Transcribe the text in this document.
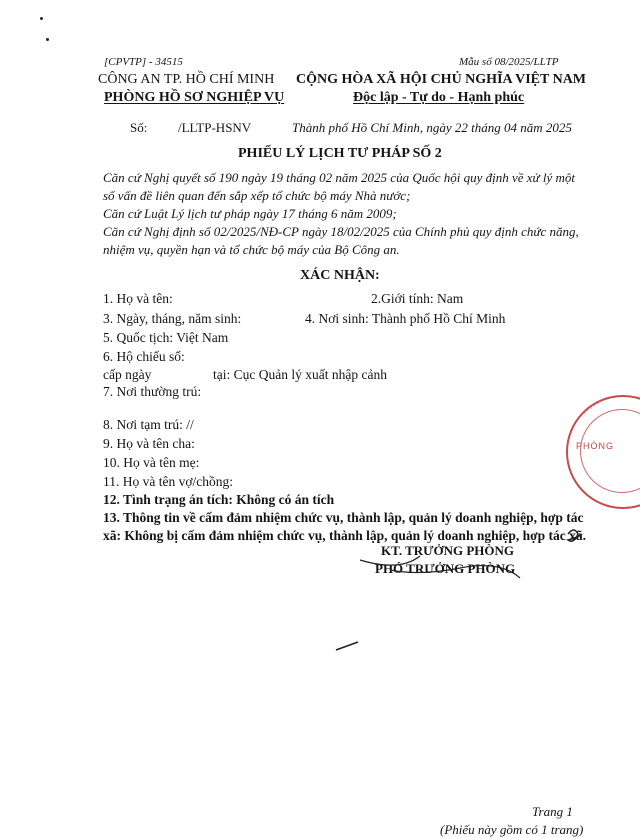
[CPVTP] - 34515
CÔNG AN TP. HỒ CHÍ MINH
PHÒNG HỒ SƠ NGHIỆP VỤ
Mẫu số 08/2025/LLTP
CỘNG HÒA XÃ HỘI CHỦ NGHĨA VIỆT NAM
Độc lập - Tự do - Hạnh phúc
Số: /LLTP-HSNV	Thành phố Hồ Chí Minh, ngày 22 tháng 04 năm 2025
PHIẾU LÝ LỊCH TƯ PHÁP SỐ 2
Căn cứ Nghị quyết số 190 ngày 19 tháng 02 năm 2025 của Quốc hội quy định về xử lý một
số vấn đề liên quan đến sắp xếp tổ chức bộ máy Nhà nước;
Căn cứ Luật Lý lịch tư pháp ngày 17 tháng 6 năm 2009;
Căn cứ Nghị định số 02/2025/NĐ-CP ngày 18/02/2025 của Chính phủ quy định chức năng,
nhiệm vụ, quyền hạn và tổ chức bộ máy của Bộ Công an.
XÁC NHẬN:
1. Họ và tên:	2.Giới tính: Nam
3. Ngày, tháng, năm sinh:	4. Nơi sinh: Thành phố Hồ Chí Minh
5. Quốc tịch: Việt Nam
6. Hộ chiếu số:
cấp ngày	tại: Cục Quản lý xuất nhập cảnh
7. Nơi thường trú:
8. Nơi tạm trú: //
9. Họ và tên cha:
10. Họ và tên mẹ:
11. Họ và tên vợ/chồng:
12. Tình trạng án tích: Không có án tích
13. Thông tin về cấm đảm nhiệm chức vụ, thành lập, quản lý doanh nghiệp, hợp tác
xã: Không bị cấm đảm nhiệm chức vụ, thành lập, quản lý doanh nghiệp, hợp tác xã.
KT. TRƯỞNG PHÒNG
PHÓ TRƯỞNG PHÒNG
· · · · ·
PHÒNG
Trang 1
(Phiếu này gồm có 1 trang)
